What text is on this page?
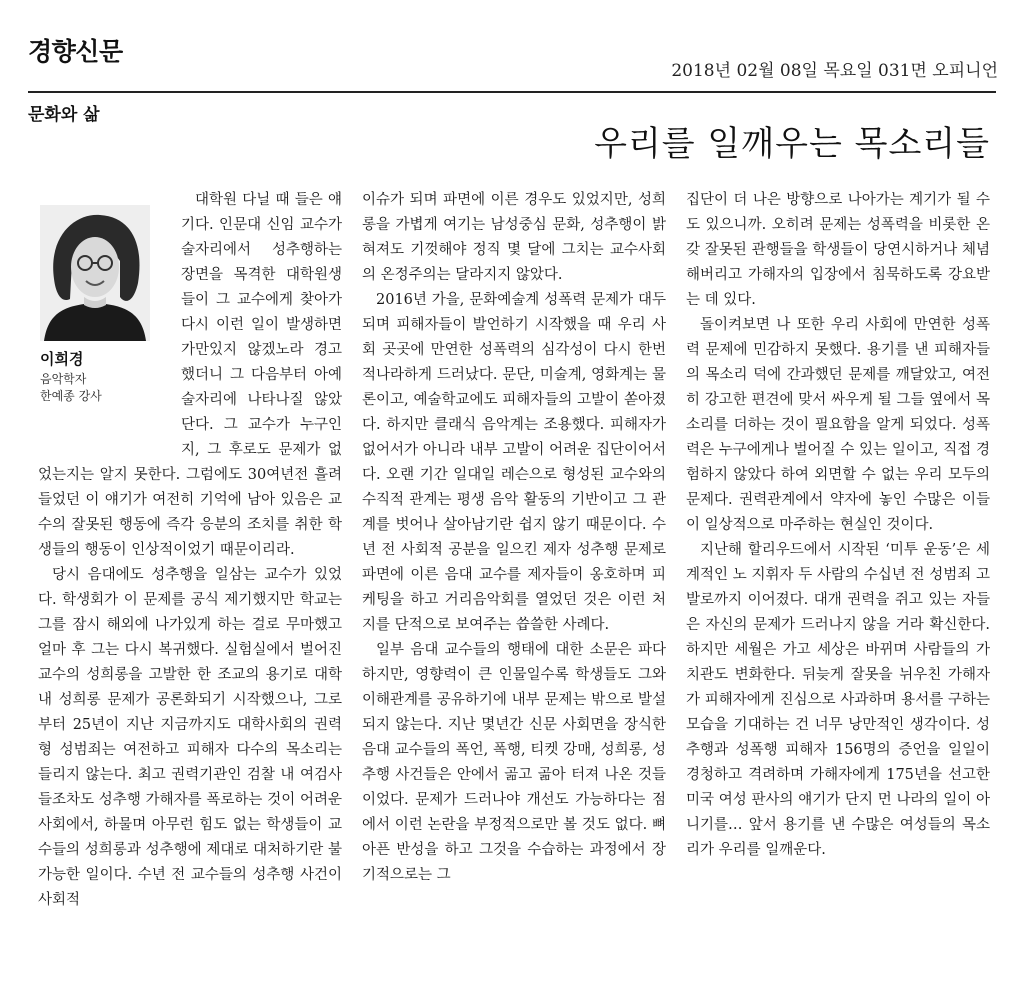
경향신문
2018년 02월 08일 목요일 031면 오피니언
문화와 삶
우리를 일깨우는 목소리들
이희경
음악학자
한예종 강사

대학원 다닐 때 들은 얘기다. 인문대 신임 교수가 술자리에서 성추행하는 장면을 목격한 대학원생들이 그 교수에게 찾아가 다시 이런 일이 발생하면 가만있지 않겠노라 경고했더니 그 다음부터 아예 술자리에 나타나질 않았단다. 그 교수가 누구인지, 그 후로도 문제가 없었는지는 알지 못한다. 그럼에도 30여년전 흘려들었던 이 얘기가 여전히 기억에 남아 있음은 교수의 잘못된 행동에 즉각 응분의 조치를 취한 학생들의 행동이 인상적이었기 때문이리라.

당시 음대에도 성추행을 일삼는 교수가 있었다. 학생회가 이 문제를 공식 제기했지만 학교는 그를 잠시 해외에 나가있게 하는 걸로 무마했고 얼마 후 그는 다시 복귀했다. 실험실에서 벌어진 교수의 성희롱을 고발한 한 조교의 용기로 대학 내 성희롱 문제가 공론화되기 시작했으나, 그로부터 25년이 지난 지금까지도 대학사회의 권력형 성범죄는 여전하고 피해자 다수의 목소리는 들리지 않는다. 최고 권력기관인 검찰 내 여검사들조차도 성추행 가해자를 폭로하는 것이 어려운 사회에서, 하물며 아무런 힘도 없는 학생들이 교수들의 성희롱과 성추행에 제대로 대처하기란 불가능한 일이다. 수년 전 교수들의 성추행 사건이 사회적

이슈가 되며 파면에 이른 경우도 있었지만, 성희롱을 가볍게 여기는 남성중심 문화, 성추행이 밝혀져도 기껏해야 정직 몇 달에 그치는 교수사회의 온정주의는 달라지지 않았다.

2016년 가을, 문화예술계 성폭력 문제가 대두되며 피해자들이 발언하기 시작했을 때 우리 사회 곳곳에 만연한 성폭력의 심각성이 다시 한번 적나라하게 드러났다. 문단, 미술계, 영화계는 물론이고, 예술학교에도 피해자들의 고발이 쏟아졌다. 하지만 클래식 음악계는 조용했다. 피해자가 없어서가 아니라 내부 고발이 어려운 집단이어서다. 오랜 기간 일대일 레슨으로 형성된 교수와의 수직적 관계는 평생 음악 활동의 기반이고 그 관계를 벗어나 살아남기란 쉽지 않기 때문이다. 수년 전 사회적 공분을 일으킨 제자 성추행 문제로 파면에 이른 음대 교수를 제자들이 옹호하며 피케팅을 하고 거리음악회를 열었던 것은 이런 처지를 단적으로 보여주는 씁쓸한 사례다.

일부 음대 교수들의 행태에 대한 소문은 파다하지만, 영향력이 큰 인물일수록 학생들도 그와 이해관계를 공유하기에 내부 문제는 밖으로 발설되지 않는다. 지난 몇년간 신문 사회면을 장식한 음대 교수들의 폭언, 폭행, 티켓 강매, 성희롱, 성추행 사건들은 안에서 곪고 곪아 터져 나온 것들이었다. 문제가 드러나야 개선도 가능하다는 점에서 이런 논란을 부정적으로만 볼 것도 없다. 뼈아픈 반성을 하고 그것을 수습하는 과정에서 장기적으로는 그

집단이 더 나은 방향으로 나아가는 계기가 될 수도 있으니까. 오히려 문제는 성폭력을 비롯한 온갖 잘못된 관행들을 학생들이 당연시하거나 체념해버리고 가해자의 입장에서 침묵하도록 강요받는 데 있다.

돌이켜보면 나 또한 우리 사회에 만연한 성폭력 문제에 민감하지 못했다. 용기를 낸 피해자들의 목소리 덕에 간과했던 문제를 깨달았고, 여전히 강고한 편견에 맞서 싸우게 될 그들 옆에서 목소리를 더하는 것이 필요함을 알게 되었다. 성폭력은 누구에게나 벌어질 수 있는 일이고, 직접 경험하지 않았다 하여 외면할 수 없는 우리 모두의 문제다. 권력관계에서 약자에 놓인 수많은 이들이 일상적으로 마주하는 현실인 것이다.

지난해 할리우드에서 시작된 ‘미투 운동’은 세계적인 노 지휘자 두 사람의 수십년 전 성범죄 고발로까지 이어졌다. 대개 권력을 쥐고 있는 자들은 자신의 문제가 드러나지 않을 거라 확신한다. 하지만 세월은 가고 세상은 바뀌며 사람들의 가치관도 변화한다. 뒤늦게 잘못을 뉘우친 가해자가 피해자에게 진심으로 사과하며 용서를 구하는 모습을 기대하는 건 너무 낭만적인 생각이다. 성추행과 성폭행 피해자 156명의 증언을 일일이 경청하고 격려하며 가해자에게 175년을 선고한 미국 여성 판사의 얘기가 단지 먼 나라의 일이 아니기를… 앞서 용기를 낸 수많은 여성들의 목소리가 우리를 일깨운다.
